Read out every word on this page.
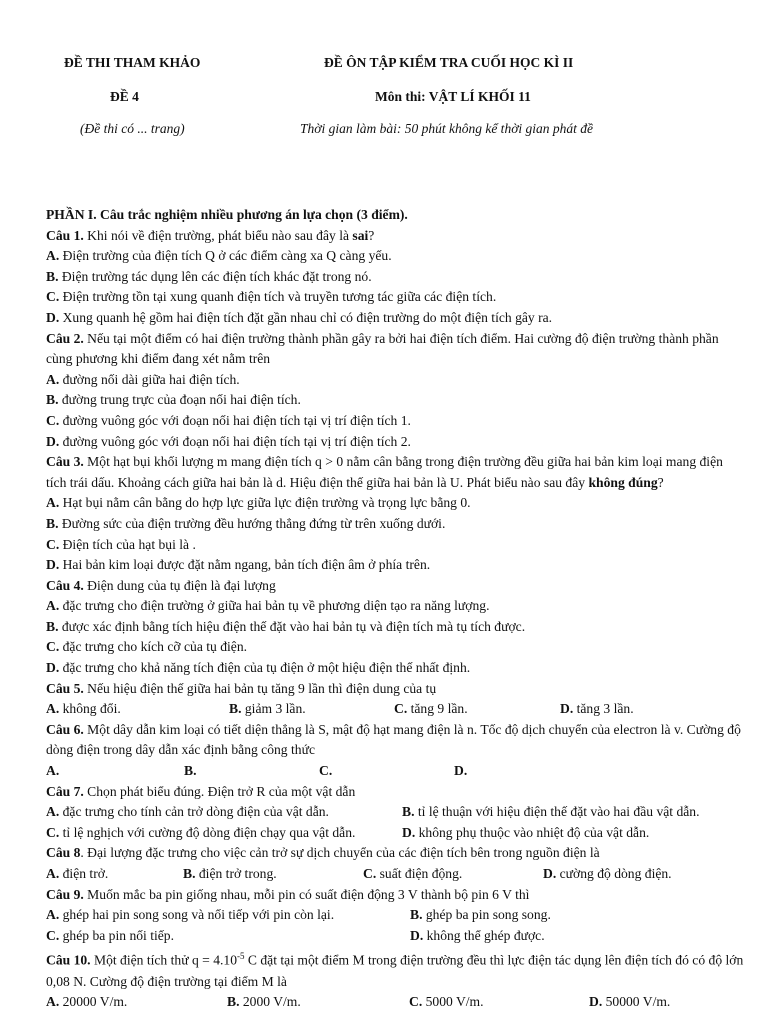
ĐỀ THI THAM KHẢO
ĐỀ 4
(Đề thi có ... trang)
ĐỀ ÔN TẬP KIỂM TRA CUỐI HỌC KÌ II
Môn thi: VẬT LÍ KHỐI 11
Thời gian làm bài: 50 phút không kể thời gian phát đề
PHẦN I. Câu trắc nghiệm nhiều phương án lựa chọn (3 điểm).
Câu 1. Khi nói về điện trường, phát biểu nào sau đây là sai?
A. Điện trường của điện tích Q ở các điểm càng xa Q càng yếu.
B. Điện trường tác dụng lên các điện tích khác đặt trong nó.
C. Điện trường tồn tại xung quanh điện tích và truyền tương tác giữa các điện tích.
D. Xung quanh hệ gồm hai điện tích đặt gần nhau chỉ có điện trường do một điện tích gây ra.
Câu 2. Nếu tại một điểm có hai điện trường thành phần gây ra bởi hai điện tích điểm. Hai cường độ điện trường thành phần cùng phương khi điểm đang xét nằm trên
A. đường nối dài giữa hai điện tích.
B. đường trung trực của đoạn nối hai điện tích.
C. đường vuông góc với đoạn nối hai điện tích tại vị trí điện tích 1.
D. đường vuông góc với đoạn nối hai điện tích tại vị trí điện tích 2.
Câu 3. Một hạt bụi khối lượng m mang điện tích q > 0 nằm cân bằng trong điện trường đều giữa hai bản kim loại mang điện tích trái dấu. Khoảng cách giữa hai bản là d. Hiệu điện thế giữa hai bản là U. Phát biểu nào sau đây không đúng?
A. Hạt bụi nằm cân bằng do hợp lực giữa lực điện trường và trọng lực bằng 0.
B. Đường sức của điện trường đều hướng thẳng đứng từ trên xuống dưới.
C. Điện tích của hạt bụi là .
D. Hai bản kim loại được đặt nằm ngang, bản tích điện âm ở phía trên.
Câu 4. Điện dung của tụ điện là đại lượng
A. đặc trưng cho điện trường ở giữa hai bản tụ về phương diện tạo ra năng lượng.
B. được xác định bằng tích hiệu điện thế đặt vào hai bản tụ và điện tích mà tụ tích được.
C. đặc trưng cho kích cỡ của tụ điện.
D. đặc trưng cho khả năng tích điện của tụ điện ở một hiệu điện thế nhất định.
Câu 5. Nếu hiệu điện thế giữa hai bản tụ tăng 9 lần thì điện dung của tụ
A. không đổi.	B. giảm 3 lần.	C. tăng 9 lần.	D. tăng 3 lần.
Câu 6. Một dây dẫn kim loại có tiết diện thẳng là S, mật độ hạt mang điện là n. Tốc độ dịch chuyển của electron là v. Cường độ dòng điện trong dây dẫn xác định bằng công thức
A.	B.	C.	D.
Câu 7. Chọn phát biểu đúng. Điện trở R của một vật dẫn
A. đặc trưng cho tính cản trở dòng điện của vật dẫn.	B. tỉ lệ thuận với hiệu điện thế đặt vào hai đầu vật dẫn.
C. tỉ lệ nghịch với cường độ dòng điện chạy qua vật dẫn.	D. không phụ thuộc vào nhiệt độ của vật dẫn.
Câu 8. Đại lượng đặc trưng cho việc cản trở sự dịch chuyển của các điện tích bên trong nguồn điện là
A. điện trở.	B. điện trở trong.	C. suất điện động.	D. cường độ dòng điện.
Câu 9. Muốn mắc ba pin giống nhau, mỗi pin có suất điện động 3 V thành bộ pin 6 V thì
A. ghép hai pin song song và nối tiếp với pin còn lại.	B. ghép ba pin song song.
C. ghép ba pin nối tiếp.	D. không thể ghép được.
Câu 10. Một điện tích thử $q = 4.10^{-5}$ C đặt tại một điểm M trong điện trường đều thì lực điện tác dụng lên điện tích đó có độ lớn 0,08 N. Cường độ điện trường tại điểm M là
A. 20000 V/m.	B. 2000 V/m.	C. 5000 V/m.	D. 50000 V/m.
